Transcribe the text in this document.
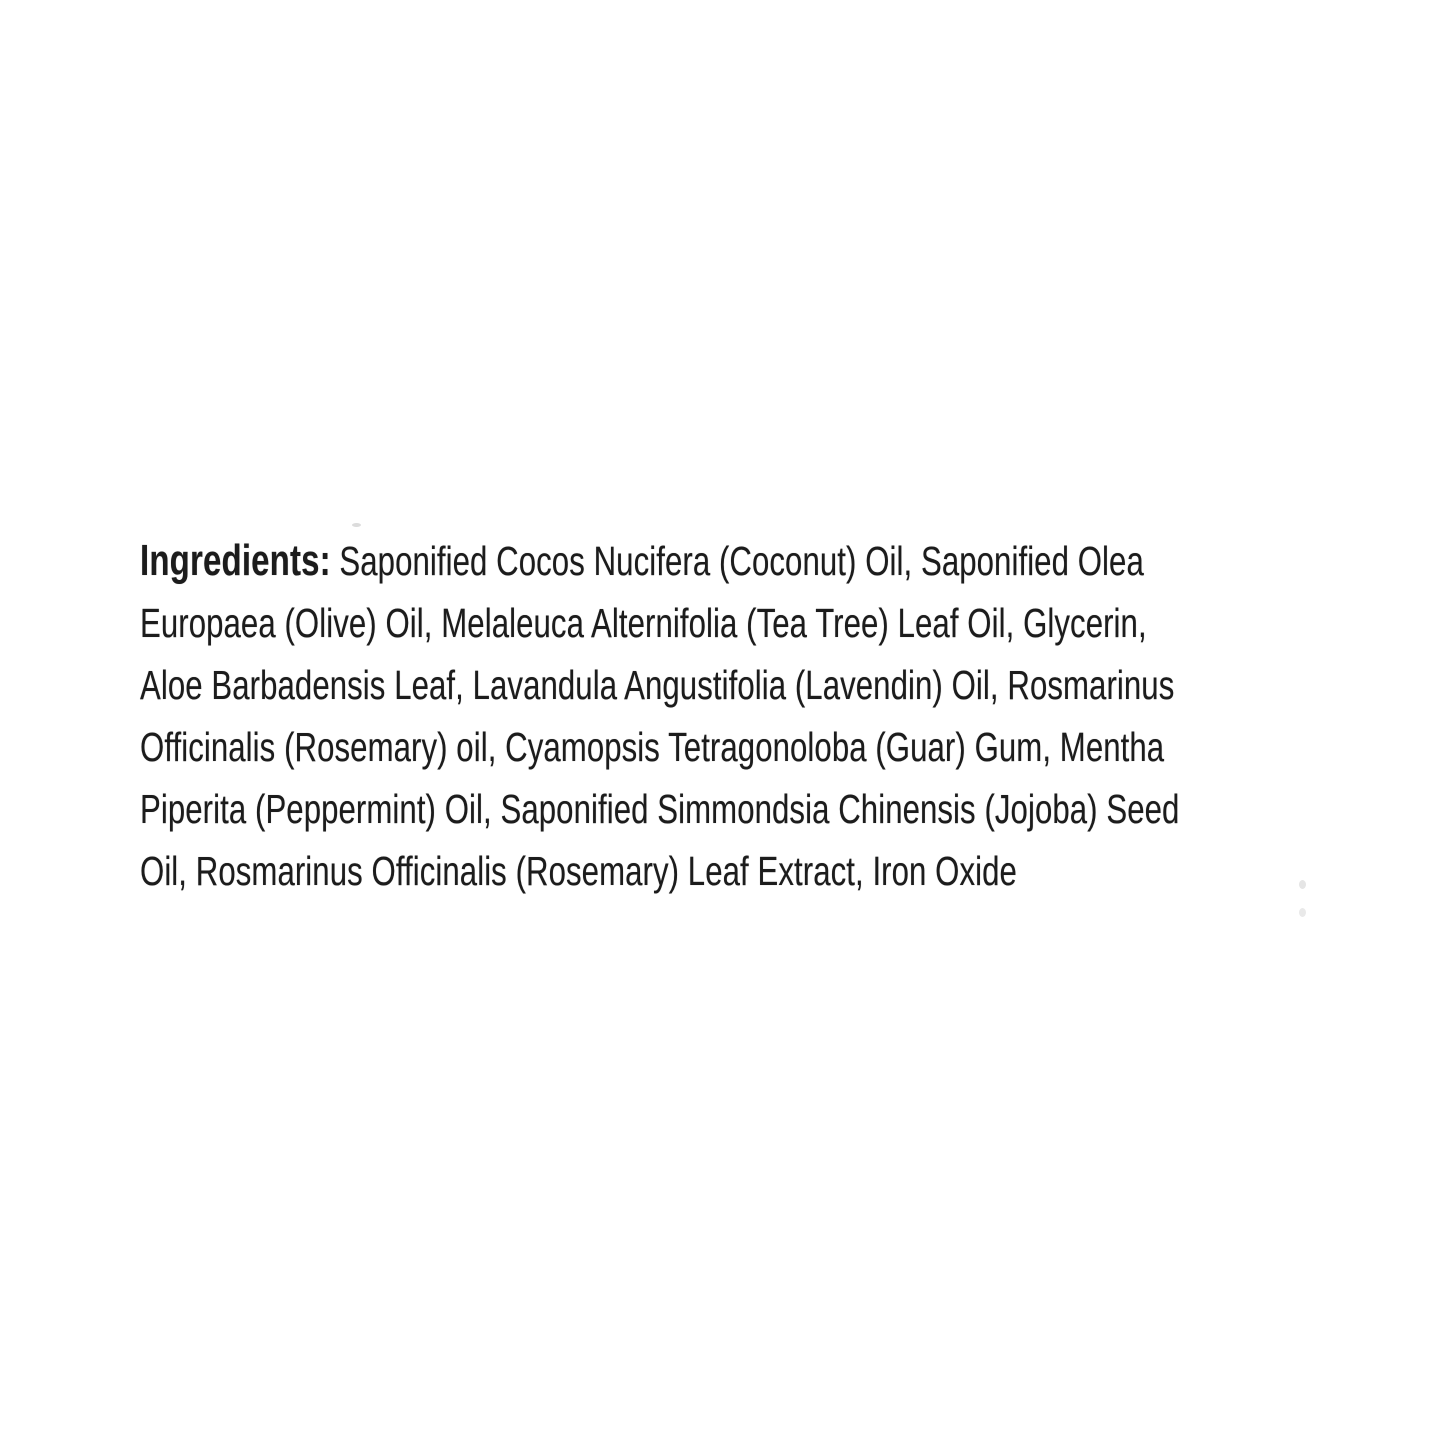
Ingredients: Saponified Cocos Nucifera (Coconut) Oil, Saponified Olea
Europaea (Olive) Oil, Melaleuca Alternifolia (Tea Tree) Leaf Oil, Glycerin,
Aloe Barbadensis Leaf, Lavandula Angustifolia (Lavendin) Oil, Rosmarinus
Officinalis (Rosemary) oil, Cyamopsis Tetragonoloba (Guar) Gum, Mentha
Piperita (Peppermint) Oil, Saponified Simmondsia Chinensis (Jojoba) Seed
Oil, Rosmarinus Officinalis (Rosemary) Leaf Extract, Iron Oxide
